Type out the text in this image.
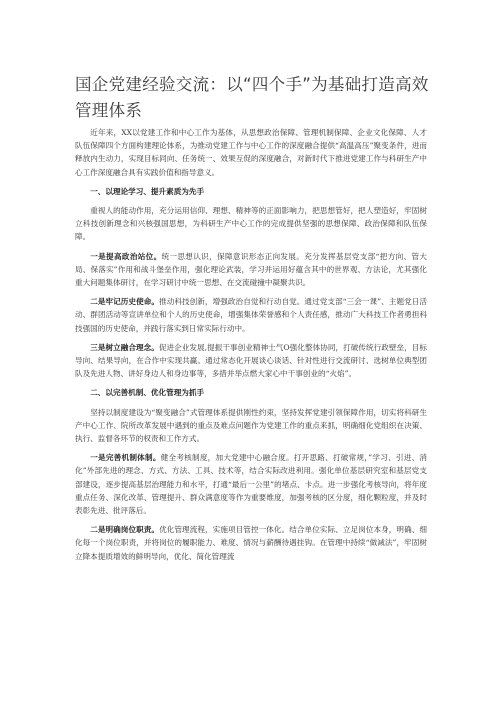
国企党建经验交流：以“四个手”为基础打造高效管理体系

近年来，XX以党建工作和中心工作为基体，从思想政治保障、管理机制保障、企业文化保障、人才队伍保障四个方面构建理论体系，为推动党建工作与中心工作的深度融合提供“高温高压”聚变条件，进而释放内生动力，实现目标同向、任务统一、效果互促的深度融合，对新时代下推进党建工作与科研生产中心工作深度融合具有实践价值和指导意义。

一、以理论学习、提升素质为先手

重视人的能动作用，充分运用信仰、理想、精神等的正面影响力，把思想管好，把人塑造好，牢固树立科技创新理念和兴核强国思想，为科研生产中心工作的完成提供坚强的思想保障、政治保障和队伍保障。

一是提高政治站位。统一思想认识，保障意识形态正向发展。充分发挥基层党支部“把方向、管大局、保落实”作用和战斗堡垒作用，强化理论武装，学习并运用好蕴含其中的世界观、方法论，尤其强化重大问题集体研讨，在学习研讨中统一思想、在交流碰撞中凝聚共识。

二是牢记历史使命。推动科技创新，增强政治自觉和行动自觉。通过党支部“三会一课”、主题党日活动、群团活动等宣讲单位和个人的历史使命，增强集体荣誉感和个人责任感，推动广大科技工作者勇担科技强国的历史使命，并践行落实到日常实际行动中。

三是树立融合理念。促进企业发展,提振干事创业精神士气O强化整体协同，打破传统行政壁垒，目标导向、结果导向，在合作中实现共赢。通过常态化开展谈心谈话、针对性进行交流研讨、选树单位典型团队及先进人物、讲好身边人和身边事等，多措并举点燃大家心中干事创业的“火焰”。

二、以完善机制、优化管理为抓手

坚持以制度建设为“聚变融合”式管理体系提供刚性约束，坚持发挥党建引领保障作用，切实将科研生产中心工作、院所改革发展中遇到的重点及难点问题作为党建工作的重点来抓，明确细化党组织在决策、执行、监督各环节的权责和工作方式。

一是完善机制体制。健全考核制度，加大党建中心融合度。打开思路、打破常规，”学习、引进、消化”外部先进的理念、方式、方法、工具、技术等，结合实际改进利用。强化单位基层研究室和基层党支部建设，逐步提高基层治理能力和水平，打通“最后一公里”的堵点、卡点。进一步强化考核导向，将年度重点任务、深化改革、管理提升、群众满意度等作为重要维度，加强考核的区分度，细化颗粒度，并及时表彰先进、批评落后。

二是明确岗位职责。优化管理流程，实施项目管控一体化。结合单位实际、立足岗位本身，明确、细化每一个岗位职责，并将岗位的履职能力、难度、情况与薪酬待遇挂钩。在管理中持续“做减法”，牢固树立降本提质增效的鲜明导向，优化、简化管理流
